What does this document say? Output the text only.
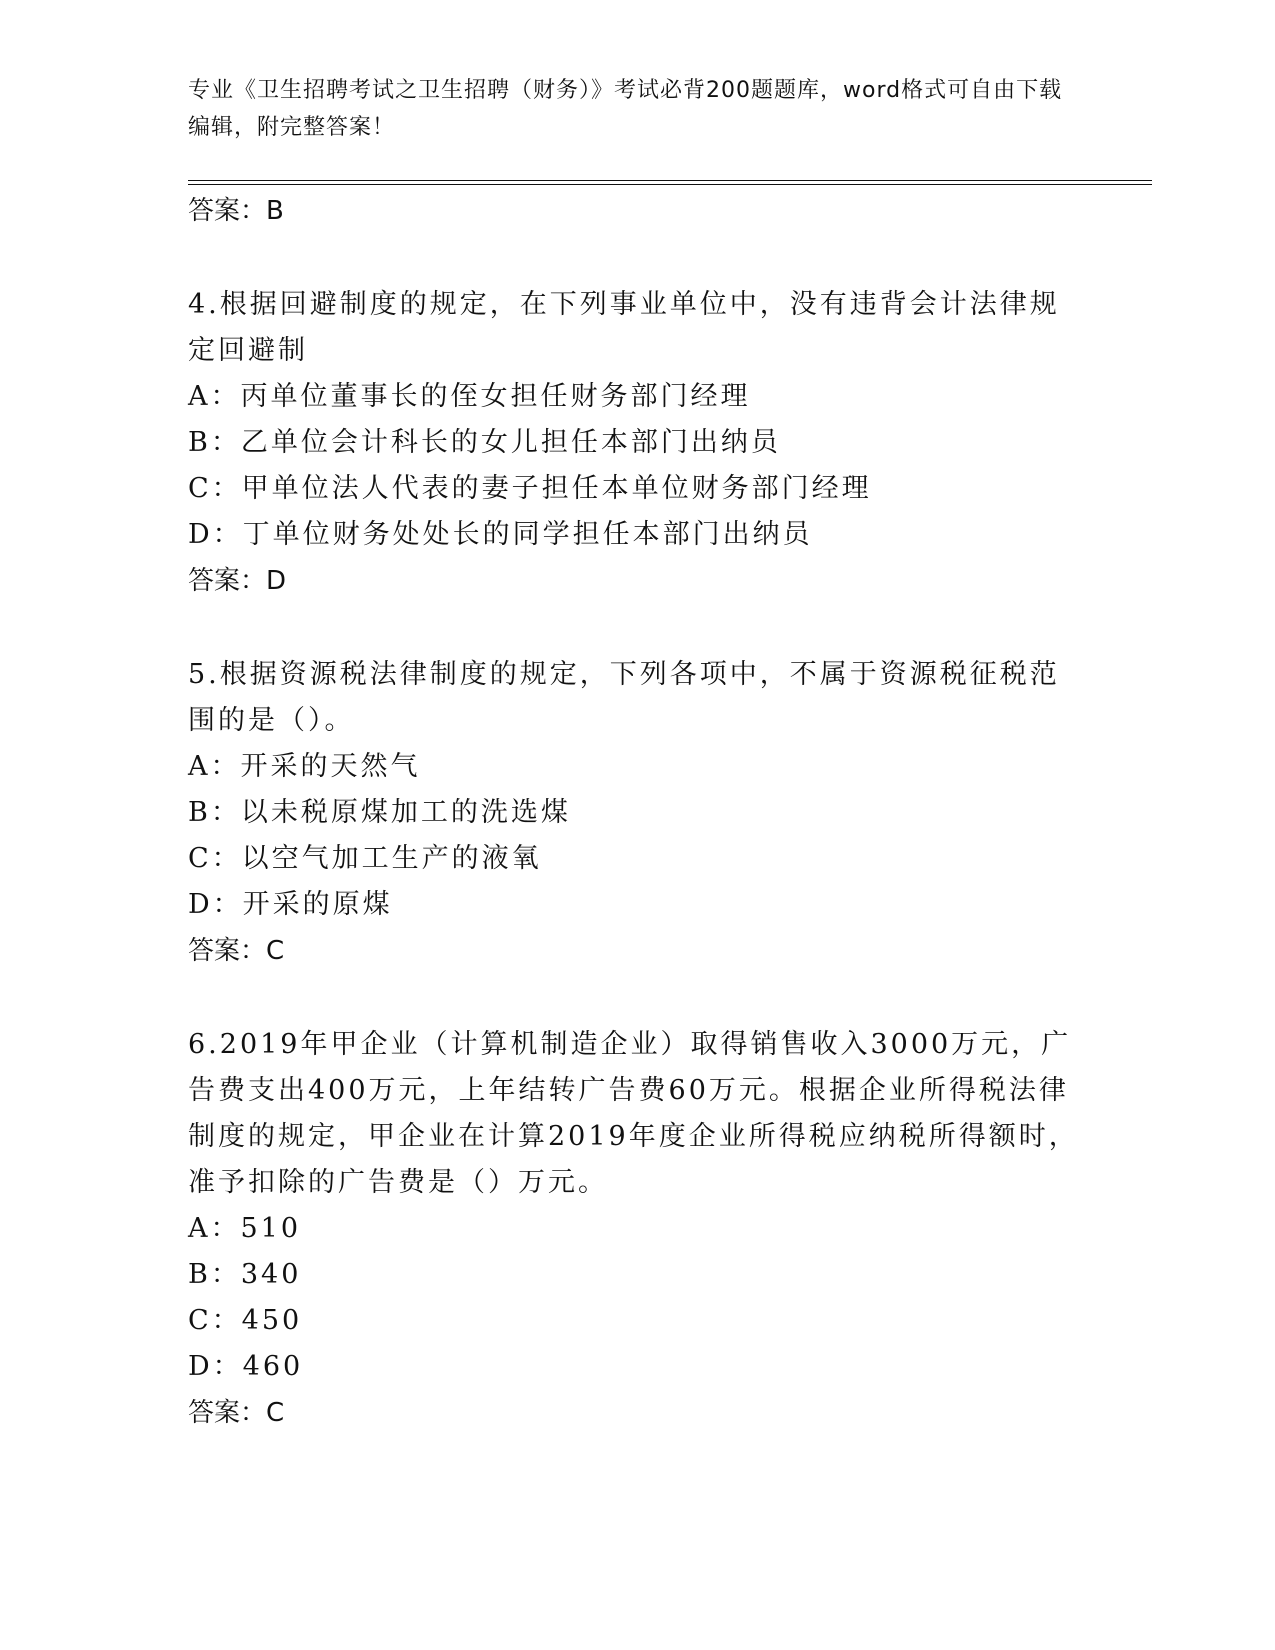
专业《卫生招聘考试之卫生招聘（财务）》考试必背200题题库，word格式可自由下载编辑，附完整答案！
答案：B
4.根据回避制度的规定，在下列事业单位中，没有违背会计法律规定回避制
A：丙单位董事长的侄女担任财务部门经理
B：乙单位会计科长的女儿担任本部门出纳员
C：甲单位法人代表的妻子担任本单位财务部门经理
D：丁单位财务处处长的同学担任本部门出纳员
答案：D
5.根据资源税法律制度的规定，下列各项中，不属于资源税征税范围的是（）。
A：开采的天然气
B：以未税原煤加工的洗选煤
C：以空气加工生产的液氧
D：开采的原煤
答案：C
6.2019年甲企业（计算机制造企业）取得销售收入3000万元，广告费支出400万元，上年结转广告费60万元。根据企业所得税法律制度的规定，甲企业在计算2019年度企业所得税应纳税所得额时，准予扣除的广告费是（）万元。
A：510
B：340
C：450
D：460
答案：C
